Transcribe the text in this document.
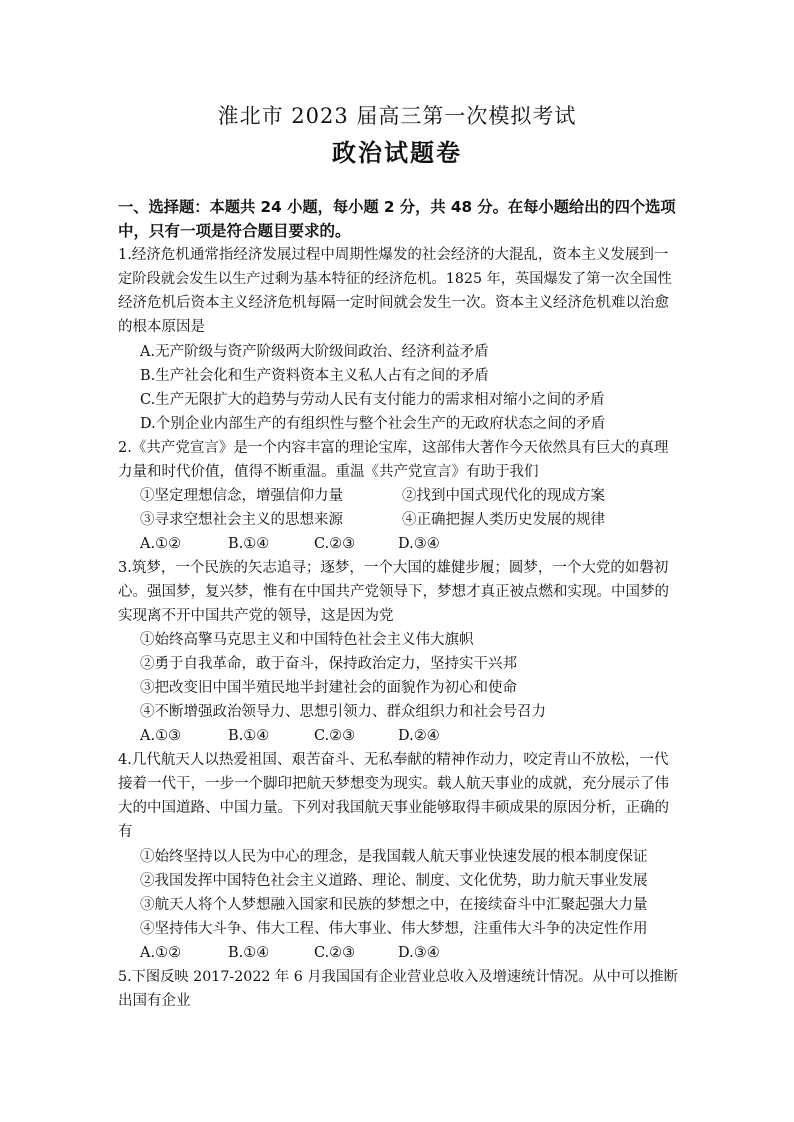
淮北市 2023 届高三第一次模拟考试
政治试题卷
一、选择题：本题共 24 小题，每小题 2 分，共 48 分。在每小题给出的四个选项
中，只有一项是符合题目要求的。
1.经济危机通常指经济发展过程中周期性爆发的社会经济的大混乱，资本主义发展到一
定阶段就会发生以生产过剩为基本特征的经济危机。1825 年，英国爆发了第一次全国性
经济危机后资本主义经济危机每隔一定时间就会发生一次。资本主义经济危机难以治愈
的根本原因是
A.无产阶级与资产阶级两大阶级间政治、经济利益矛盾
B.生产社会化和生产资料资本主义私人占有之间的矛盾
C.生产无限扩大的趋势与劳动人民有支付能力的需求相对缩小之间的矛盾
D.个别企业内部生产的有组织性与整个社会生产的无政府状态之间的矛盾
2.《共产党宣言》是一个内容丰富的理论宝库，这部伟大著作今天依然具有巨大的真理
力量和时代价值，值得不断重温。重温《共产党宣言》有助于我们
①坚定理想信念，增强信仰力量	②找到中国式现代化的现成方案
③寻求空想社会主义的思想来源	④正确把握人类历史发展的规律
A.①②	B.①④	C.②③	D.③④
3.筑梦，一个民族的矢志追寻；逐梦，一个大国的雄健步履；圆梦，一个大党的如磐初
心。强国梦，复兴梦，惟有在中国共产党领导下，梦想才真正被点燃和实现。中国梦的
实现离不开中国共产党的领导，这是因为党
①始终高擎马克思主义和中国特色社会主义伟大旗帜
②勇于自我革命，敢于奋斗，保持政治定力，坚持实干兴邦
③把改变旧中国半殖民地半封建社会的面貌作为初心和使命
④不断增强政治领导力、思想引领力、群众组织力和社会号召力
A.①③	B.①④	C.②③	D.②④
4.几代航天人以热爱祖国、艰苦奋斗、无私奉献的精神作动力，咬定青山不放松，一代
接着一代干，一步一个脚印把航天梦想变为现实。载人航天事业的成就，充分展示了伟
大的中国道路、中国力量。下列对我国航天事业能够取得丰硕成果的原因分析，正确的
有
①始终坚持以人民为中心的理念，是我国载人航天事业快速发展的根本制度保证
②我国发挥中国特色社会主义道路、理论、制度、文化优势，助力航天事业发展
③航天人将个人梦想融入国家和民族的梦想之中，在接续奋斗中汇聚起强大力量
④坚持伟大斗争、伟大工程、伟大事业、伟大梦想，注重伟大斗争的决定性作用
A.①②	B.①④	C.②③	D.③④
5.下图反映 2017-2022 年 6 月我国国有企业营业总收入及增速统计情况。从中可以推断
出国有企业
